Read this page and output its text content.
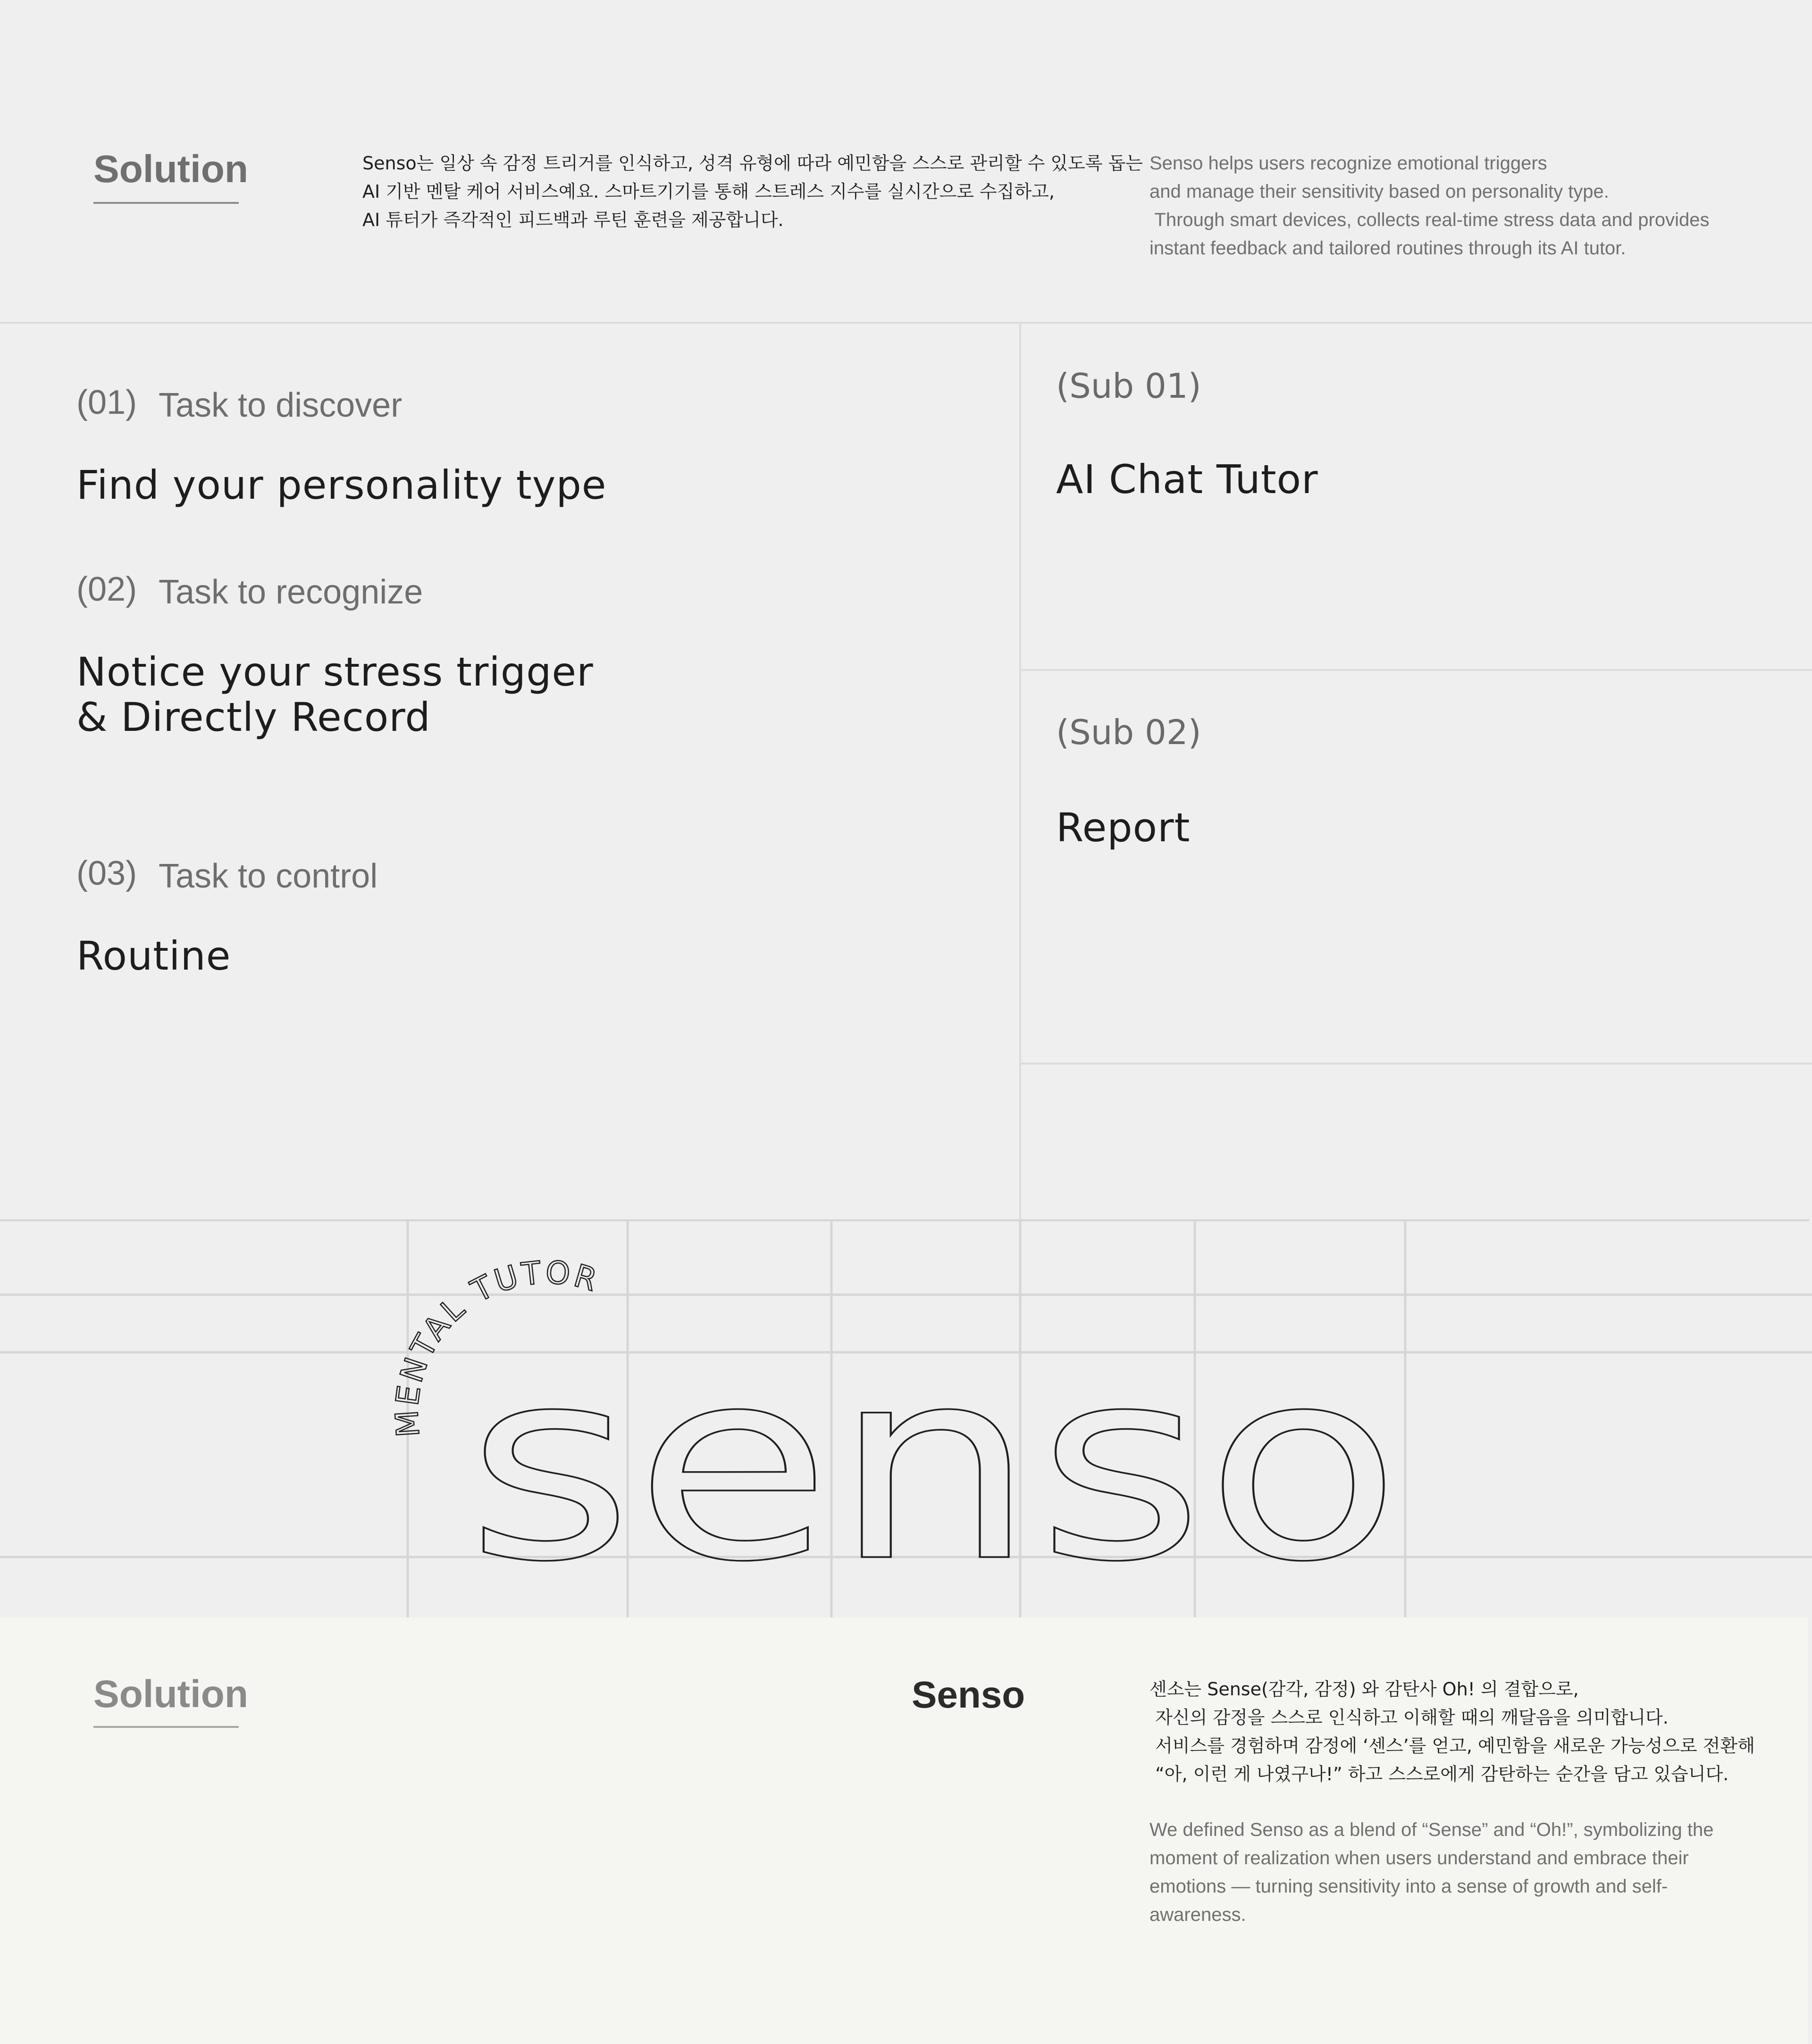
Solution	Senso는 일상 속 감정 트리거를 인식하고, 성격 유형에 따라 예민함을 스스로 관리할 수 있도록 돕는
AI 기반 멘탈 케어 서비스예요. 스마트기기를 통해 스트레스 지수를 실시간으로 수집하고,
AI 튜터가 즉각적인 피드백과 루틴 훈련을 제공합니다.
Senso helps users recognize emotional triggers
and manage their sensitivity based on personality type.
Through smart devices, collects real-time stress data and provides
instant feedback and tailored routines through its AI tutor.
(01) Task to discover
Find your personality type
(02) Task to recognize
Notice your stress trigger
& Directly Record
(03) Task to control
Routine
(Sub 01)
AI Chat Tutor
(Sub 02)
Report
MENTAL TUTOR
senso
Solution	Senso	센소는 Sense(감각, 감정) 와 감탄사 Oh! 의 결합으로,
자신의 감정을 스스로 인식하고 이해할 때의 깨달음을 의미합니다.
서비스를 경험하며 감정에 ‘센스’를 얻고, 예민함을 새로운 가능성으로 전환해
“아, 이런 게 나였구나!” 하고 스스로에게 감탄하는 순간을 담고 있습니다.
We defined Senso as a blend of “Sense” and “Oh!”, symbolizing the
moment of realization when users understand and embrace their
emotions — turning sensitivity into a sense of growth and self-
awareness.
